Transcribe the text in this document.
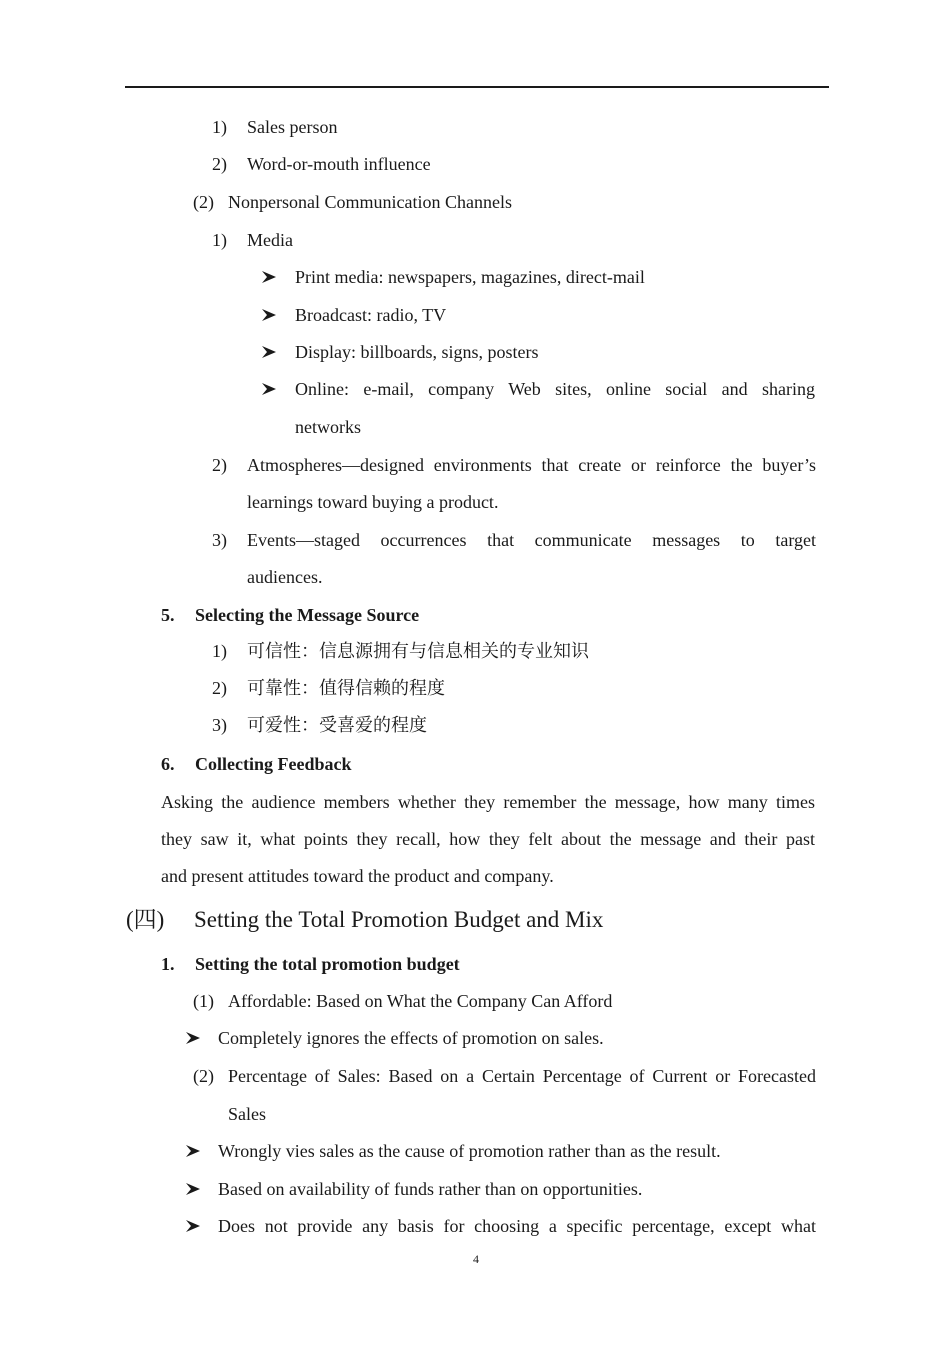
1) Sales person
2) Word-or-mouth influence
(2) Nonpersonal Communication Channels
1) Media
Print media: newspapers, magazines, direct-mail
Broadcast: radio, TV
Display: billboards, signs, posters
Online: e-mail, company Web sites, online social and sharing
networks
2) Atmospheres—designed environments that create or reinforce the buyer’s
learnings toward buying a product.
3) Events—staged occurrences that communicate messages to target
audiences.
5. Selecting the Message Source
1) 可信性：信息源拥有与信息相关的专业知识
2) 可靠性：值得信赖的程度
3) 可爱性：受喜爱的程度
6. Collecting Feedback
Asking the audience members whether they remember the message, how many times
they saw it, what points they recall, how they felt about the message and their past
and present attitudes toward the product and company.
(四) Setting the Total Promotion Budget and Mix
1. Setting the total promotion budget
(1) Affordable: Based on What the Company Can Afford
Completely ignores the effects of promotion on sales.
(2) Percentage of Sales: Based on a Certain Percentage of Current or Forecasted
Sales
Wrongly vies sales as the cause of promotion rather than as the result.
Based on availability of funds rather than on opportunities.
Does not provide any basis for choosing a specific percentage, except what
4
